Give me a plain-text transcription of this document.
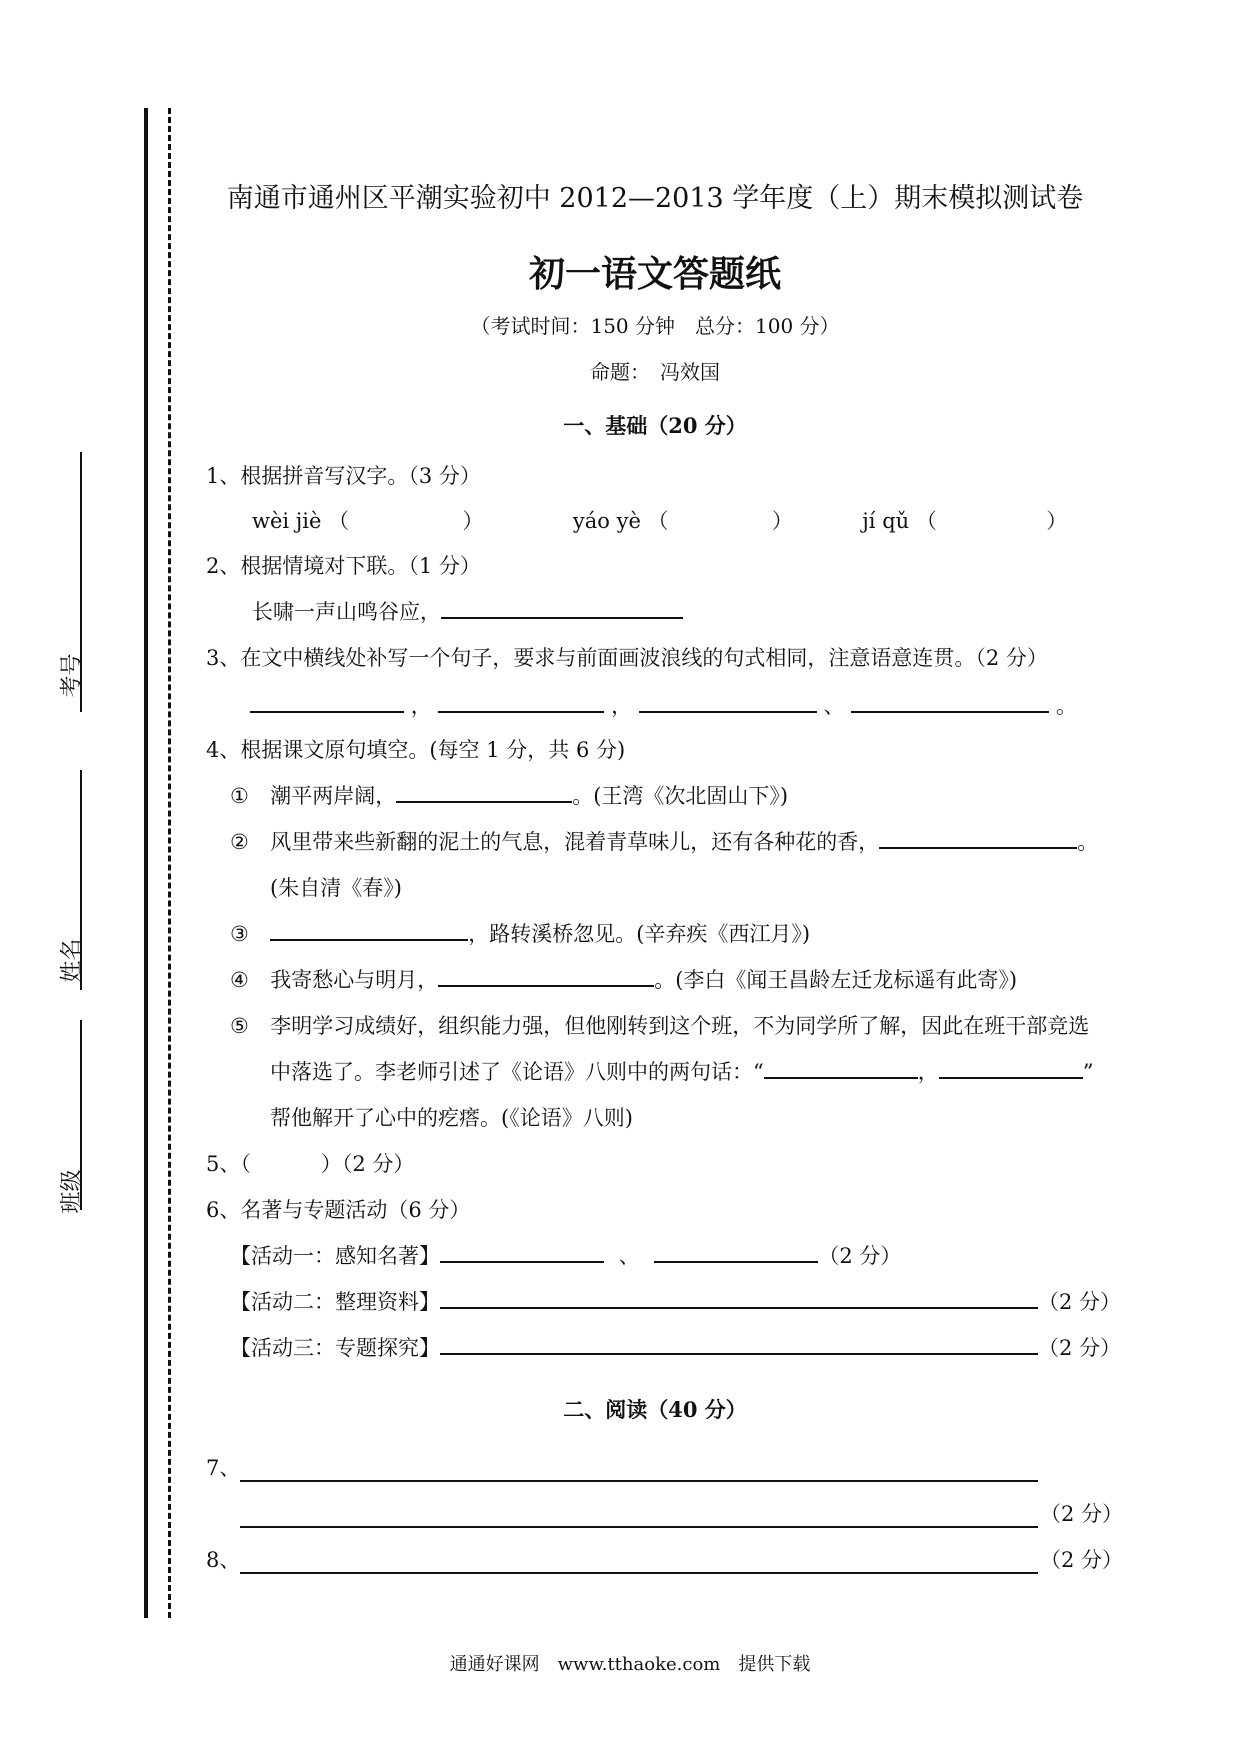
考号
姓名
班级
南通市通州区平潮实验初中 2012—2013 学年度（上）期末模拟测试卷
初一语文答题纸
（考试时间：150 分钟　总分：100 分）
命题：　冯效国
一、基础（20 分）
1、根据拼音写汉字。（3 分）
wèi jiè （	）	yáo yè （	）	jí qǔ （	）
2、根据情境对下联。（1 分）
长啸一声山鸣谷应，
3、在文中横线处补写一个句子，要求与前面画波浪线的句式相同，注意语意连贯。（2 分）
，	，	、	。
4、根据课文原句填空。(每空 1 分，共 6 分)
① 潮平两岸阔，	。(王湾《次北固山下》)
② 风里带来些新翻的泥土的气息，混着青草味儿，还有各种花的香，	。
(朱自清《春》)
③	，路转溪桥忽见。(辛弃疾《西江月》)
④ 我寄愁心与明月，	。(李白《闻王昌龄左迁龙标遥有此寄》)
⑤ 李明学习成绩好，组织能力强，但他刚转到这个班，不为同学所了解，因此在班干部竞选
中落选了。李老师引述了《论语》八则中的两句话：“	，	”
帮他解开了心中的疙瘩。(《论语》八则)
5、（	）（2 分）
6、名著与专题活动（6 分）
【活动一：感知名著】	、	（2 分）
【活动二：整理资料】	（2 分）
【活动三：专题探究】	（2 分）
二、阅读（40 分）
7、
（2 分）
8、	（2 分）
通通好课网　www.tthaoke.com　提供下载
